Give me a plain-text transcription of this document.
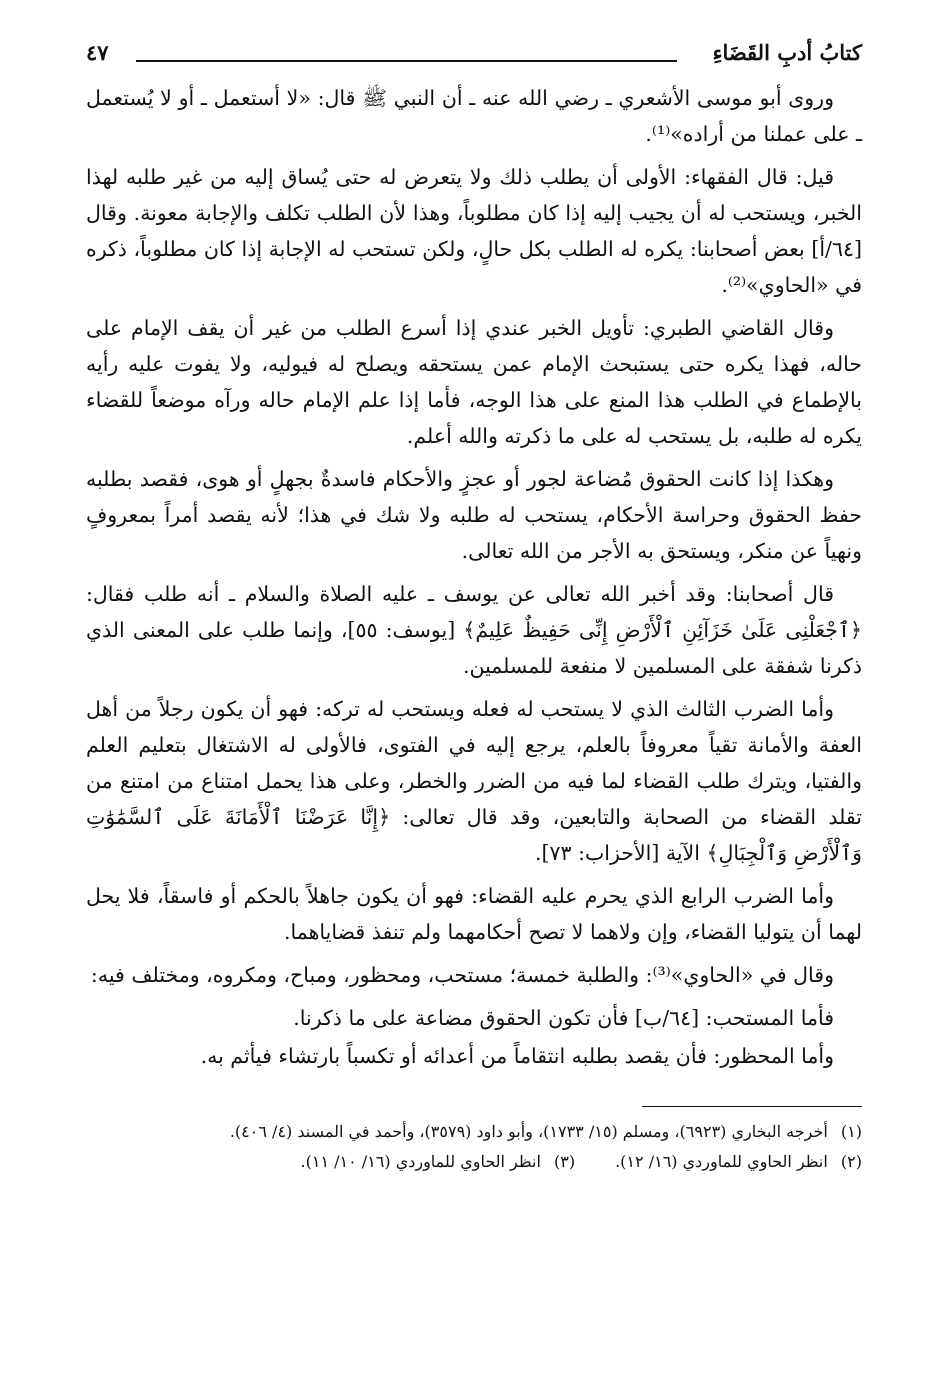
كتابُ أدبِ القَضَاءِ
٤٧

وروى أبو موسى الأشعري ـ رضي الله عنه ـ أن النبي ﷺ قال: «لا أستعمل ـ أو لا يُستعمل ـ على عملنا من أراده»⁽¹⁾.

قيل: قال الفقهاء: الأولى أن يطلب ذلك ولا يتعرض له حتى يُساق إليه من غير طلبه لهذا الخبر، ويستحب له أن يجيب إليه إذا كان مطلوباً، وهذا لأن الطلب تكلف والإجابة معونة. وقال [٦٤/أ] بعض أصحابنا: يكره له الطلب بكل حالٍ، ولكن تستحب له الإجابة إذا كان مطلوباً، ذكره في «الحاوي»⁽²⁾.

وقال القاضي الطبري: تأويل الخبر عندي إذا أسرع الطلب من غير أن يقف الإمام على حاله، فهذا يكره حتى يستبحث الإمام عمن يستحقه ويصلح له فيوليه، ولا يفوت عليه رأيه بالإطماع في الطلب هذا المنع على هذا الوجه، فأما إذا علم الإمام حاله ورآه موضعاً للقضاء يكره له طلبه، بل يستحب له على ما ذكرته والله أعلم.

وهكذا إذا كانت الحقوق مُضاعة لجور أو عجزٍ والأحكام فاسدةٌ بجهلٍ أو هوى، فقصد بطلبه حفظ الحقوق وحراسة الأحكام، يستحب له طلبه ولا شك في هذا؛ لأنه يقصد أمراً بمعروفٍ ونهياً عن منكر، ويستحق به الأجر من الله تعالى.

قال أصحابنا: وقد أخبر الله تعالى عن يوسف ـ عليه الصلاة والسلام ـ أنه طلب فقال: ﴿ٱجْعَلْنِى عَلَىٰ خَزَآئِنِ ٱلْأَرْضِ إِنِّى حَفِيظٌ عَلِيمٌ﴾ [يوسف: ٥٥]، وإنما طلب على المعنى الذي ذكرنا شفقة على المسلمين لا منفعة للمسلمين.

وأما الضرب الثالث الذي لا يستحب له فعله ويستحب له تركه: فهو أن يكون رجلاً من أهل العفة والأمانة تقياً معروفاً بالعلم، يرجع إليه في الفتوى، فالأولى له الاشتغال بتعليم العلم والفتيا، ويترك طلب القضاء لما فيه من الضرر والخطر، وعلى هذا يحمل امتناع من امتنع من تقلد القضاء من الصحابة والتابعين، وقد قال تعالى: ﴿إِنَّا عَرَضْنَا ٱلْأَمَانَةَ عَلَى ٱلسَّمَٰوَٰتِ وَٱلْأَرْضِ وَٱلْجِبَالِ﴾ الآية [الأحزاب: ٧٣].

وأما الضرب الرابع الذي يحرم عليه القضاء: فهو أن يكون جاهلاً بالحكم أو فاسقاً، فلا يحل لهما أن يتوليا القضاء، وإن ولاهما لا تصح أحكامهما ولم تنفذ قضاياهما.

وقال في «الحاوي»⁽³⁾: والطلبة خمسة؛ مستحب، ومحظور، ومباح، ومكروه، ومختلف فيه:

فأما المستحب: [٦٤/ب] فأن تكون الحقوق مضاعة على ما ذكرنا.

وأما المحظور: فأن يقصد بطلبه انتقاماً من أعدائه أو تكسباً بارتشاء فيأثم به.

(١) أخرجه البخاري (٦٩٢٣)، ومسلم (١٥/ ١٧٣٣)، وأبو داود (٣٥٧٩)، وأحمد في المسند (٤/ ٤٠٦).

(٢) انظر الحاوي للماوردي (١٦/ ١٢).

(٣) انظر الحاوي للماوردي (١٦/ ١٠/ ١١).
